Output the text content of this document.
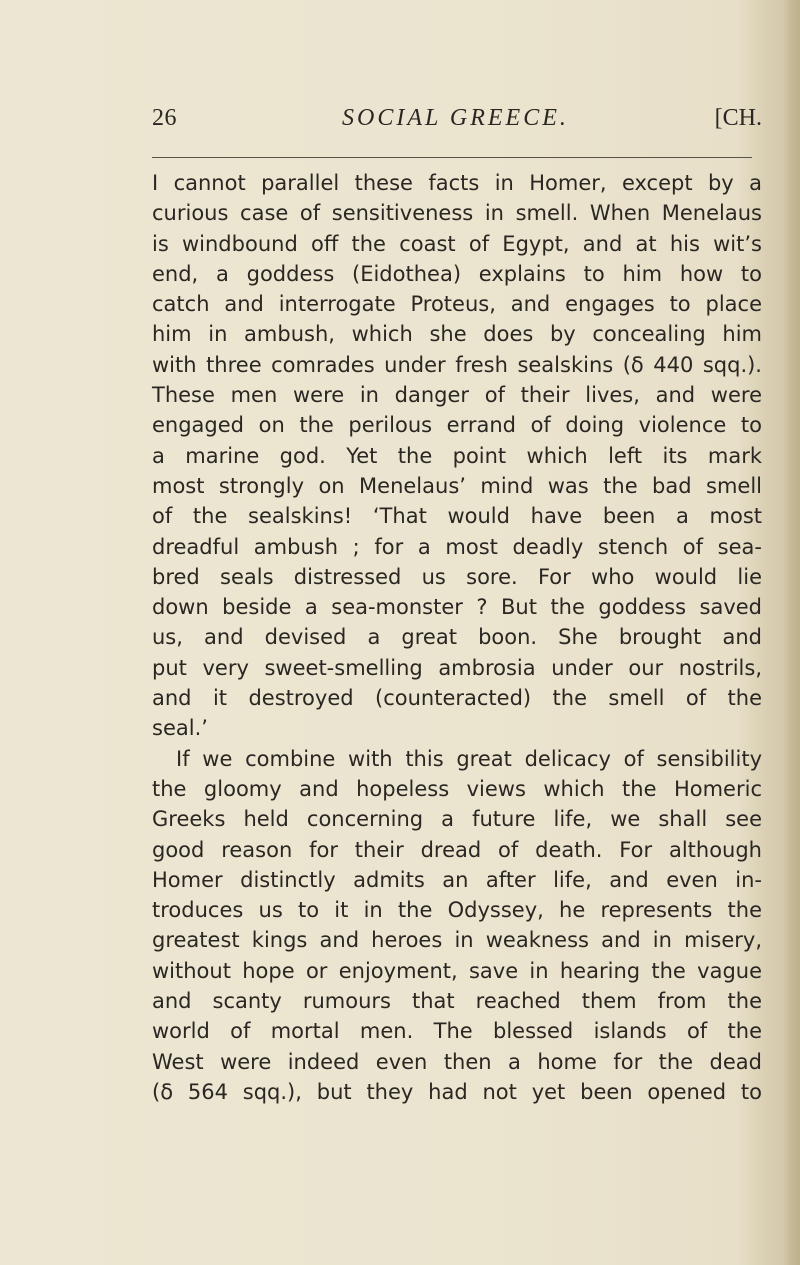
26	SOCIAL GREECE.	[CH.
I cannot parallel these facts in Homer, except by a
curious case of sensitiveness in smell. When Menelaus
is windbound off the coast of Egypt, and at his wit’s
end, a goddess (Eidothea) explains to him how to
catch and interrogate Proteus, and engages to place
him in ambush, which she does by concealing him
with three comrades under fresh sealskins (δ 440 sqq.).
These men were in danger of their lives, and were
engaged on the perilous errand of doing violence to
a marine god. Yet the point which left its mark
most strongly on Menelaus’ mind was the bad smell
of the sealskins! ‘That would have been a most
dreadful ambush ; for a most deadly stench of sea-
bred seals distressed us sore. For who would lie
down beside a sea-monster ? But the goddess saved
us, and devised a great boon. She brought and
put very sweet-smelling ambrosia under our nostrils,
and it destroyed (counteracted) the smell of the
seal.’
If we combine with this great delicacy of sensibility
the gloomy and hopeless views which the Homeric
Greeks held concerning a future life, we shall see
good reason for their dread of death. For although
Homer distinctly admits an after life, and even in-
troduces us to it in the Odyssey, he represents the
greatest kings and heroes in weakness and in misery,
without hope or enjoyment, save in hearing the vague
and scanty rumours that reached them from the
world of mortal men. The blessed islands of the
West were indeed even then a home for the dead
(δ 564 sqq.), but they had not yet been opened to
